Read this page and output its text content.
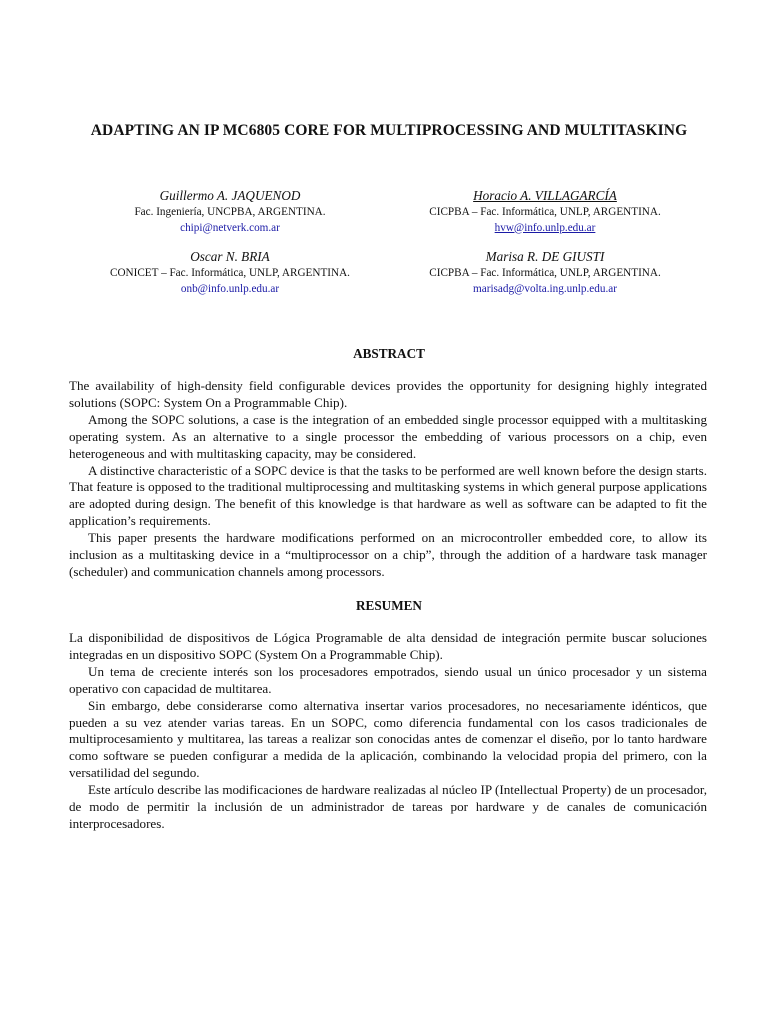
ADAPTING AN IP MC6805 CORE FOR MULTIPROCESSING AND MULTITASKING
Guillermo A. JAQUENOD
Fac. Ingeniería, UNCPBA, ARGENTINA.
chipi@netverk.com.ar
Horacio A. VILLAGARCÍA
CICPBA – Fac. Informática, UNLP, ARGENTINA.
hvw@info.unlp.edu.ar
Oscar N. BRIA
CONICET – Fac. Informática, UNLP, ARGENTINA.
onb@info.unlp.edu.ar
Marisa R. DE GIUSTI
CICPBA – Fac. Informática, UNLP, ARGENTINA.
marisadg@volta.ing.unlp.edu.ar
ABSTRACT

The availability of high-density field configurable devices provides the opportunity for designing highly integrated solutions (SOPC: System On a Programmable Chip).

Among the SOPC solutions, a case is the integration of an embedded single processor equipped with a multitasking operating system. As an alternative to a single processor the embedding of various processors on a chip, even heterogeneous and with multitasking capacity, may be considered.

A distinctive characteristic of a SOPC device is that the tasks to be performed are well known before the design starts. That feature is opposed to the traditional multiprocessing and multitasking systems in which general purpose applications are adopted during design. The benefit of this knowledge is that hardware as well as software can be adapted to fit the application’s requirements.

This paper presents the hardware modifications performed on an microcontroller embedded core, to allow its inclusion as a multitasking device in a “multiprocessor on a chip”, through the addition of a hardware task manager (scheduler) and communication channels among processors.

RESUMEN

La disponibilidad de dispositivos de Lógica Programable de alta densidad de integración permite buscar soluciones integradas en un dispositivo SOPC (System On a Programmable Chip).

Un tema de creciente interés son los procesadores empotrados, siendo usual un único procesador y un sistema operativo con capacidad de multitarea.

Sin embargo, debe considerarse como alternativa insertar varios procesadores, no necesariamente idénticos, que pueden a su vez atender varias tareas. En un SOPC, como diferencia fundamental con los casos tradicionales de multiprocesamiento y multitarea, las tareas a realizar son conocidas antes de comenzar el diseño, por lo tanto hardware como software se pueden configurar a medida de la aplicación, combinando la velocidad propia del primero, con la versatilidad del segundo.

Este artículo describe las modificaciones de hardware realizadas al núcleo IP (Intellectual Property) de un procesador, de modo de permitir la inclusión de un administrador de tareas por hardware y de canales de comunicación interprocesadores.
